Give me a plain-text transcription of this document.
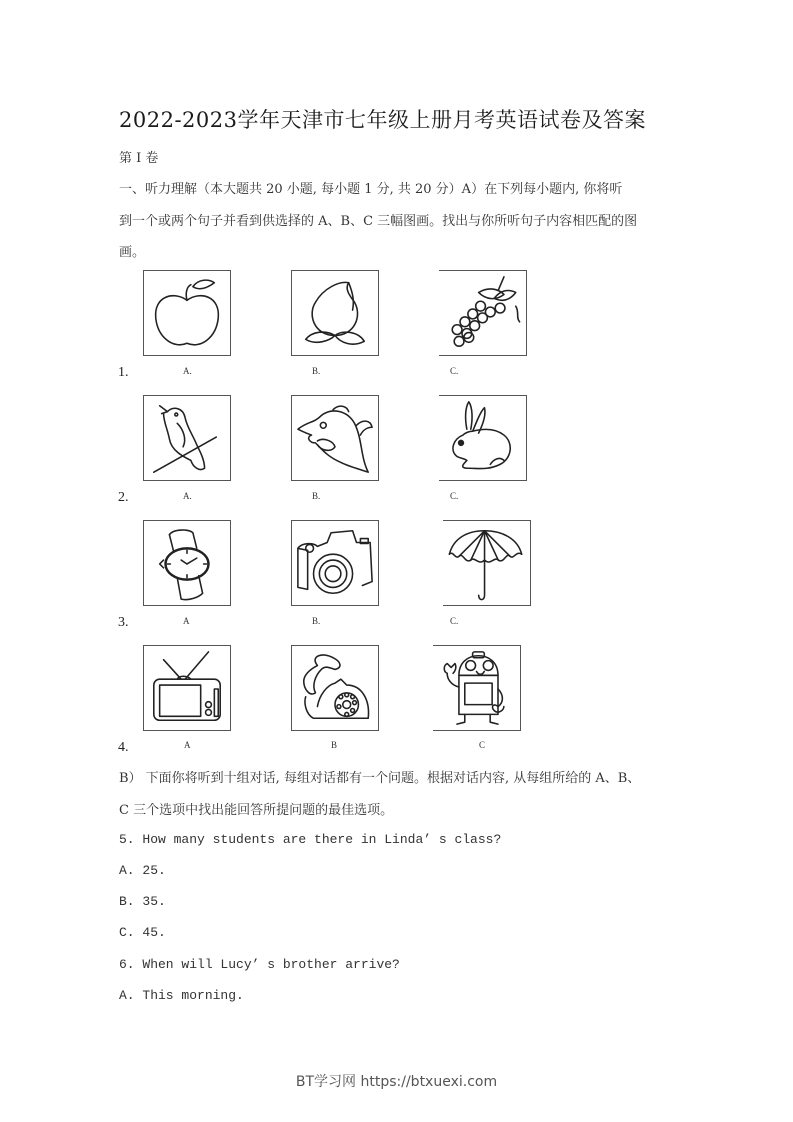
2022-2023学年天津市七年级上册月考英语试卷及答案
第 I 卷
一、听力理解（本大题共 20 小题, 每小题 1 分, 共 20 分）A）在下列每小题内, 你将听
到一个或两个句子并看到供选择的 A、B、C 三幅图画。找出与你所听句子内容相匹配的图
画。
1.	A.	B.	C.
2.	A.	B.	C.
3.	A	B.	C.
4.	A	B	C
B） 下面你将听到十组对话, 每组对话都有一个问题。根据对话内容, 从每组所给的 A、B、
C 三个选项中找出能回答所提问题的最佳选项。
5. How many students are there in Linda’ s class?
A. 25.
B. 35.
C. 45.
6. When will Lucy’ s brother arrive?
A. This morning.
BT学习网 https://btxuexi.com
